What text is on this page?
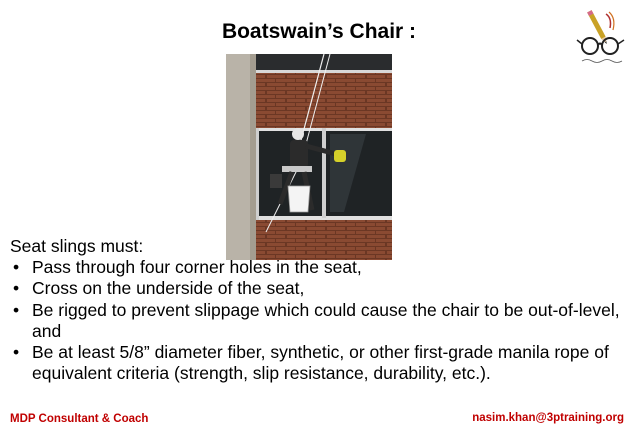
Boatswain’s Chair :
Seat slings must:
• Pass through four corner holes in the seat,
• Cross on the underside of the seat,
• Be rigged to prevent slippage which could cause the chair to be out-of-level, and
• Be at least 5/8” diameter fiber, synthetic, or other first-grade manila rope of equivalent criteria (strength, slip resistance, durability, etc.).
MDP Consultant & Coach	nasim.khan@3ptraining.org
